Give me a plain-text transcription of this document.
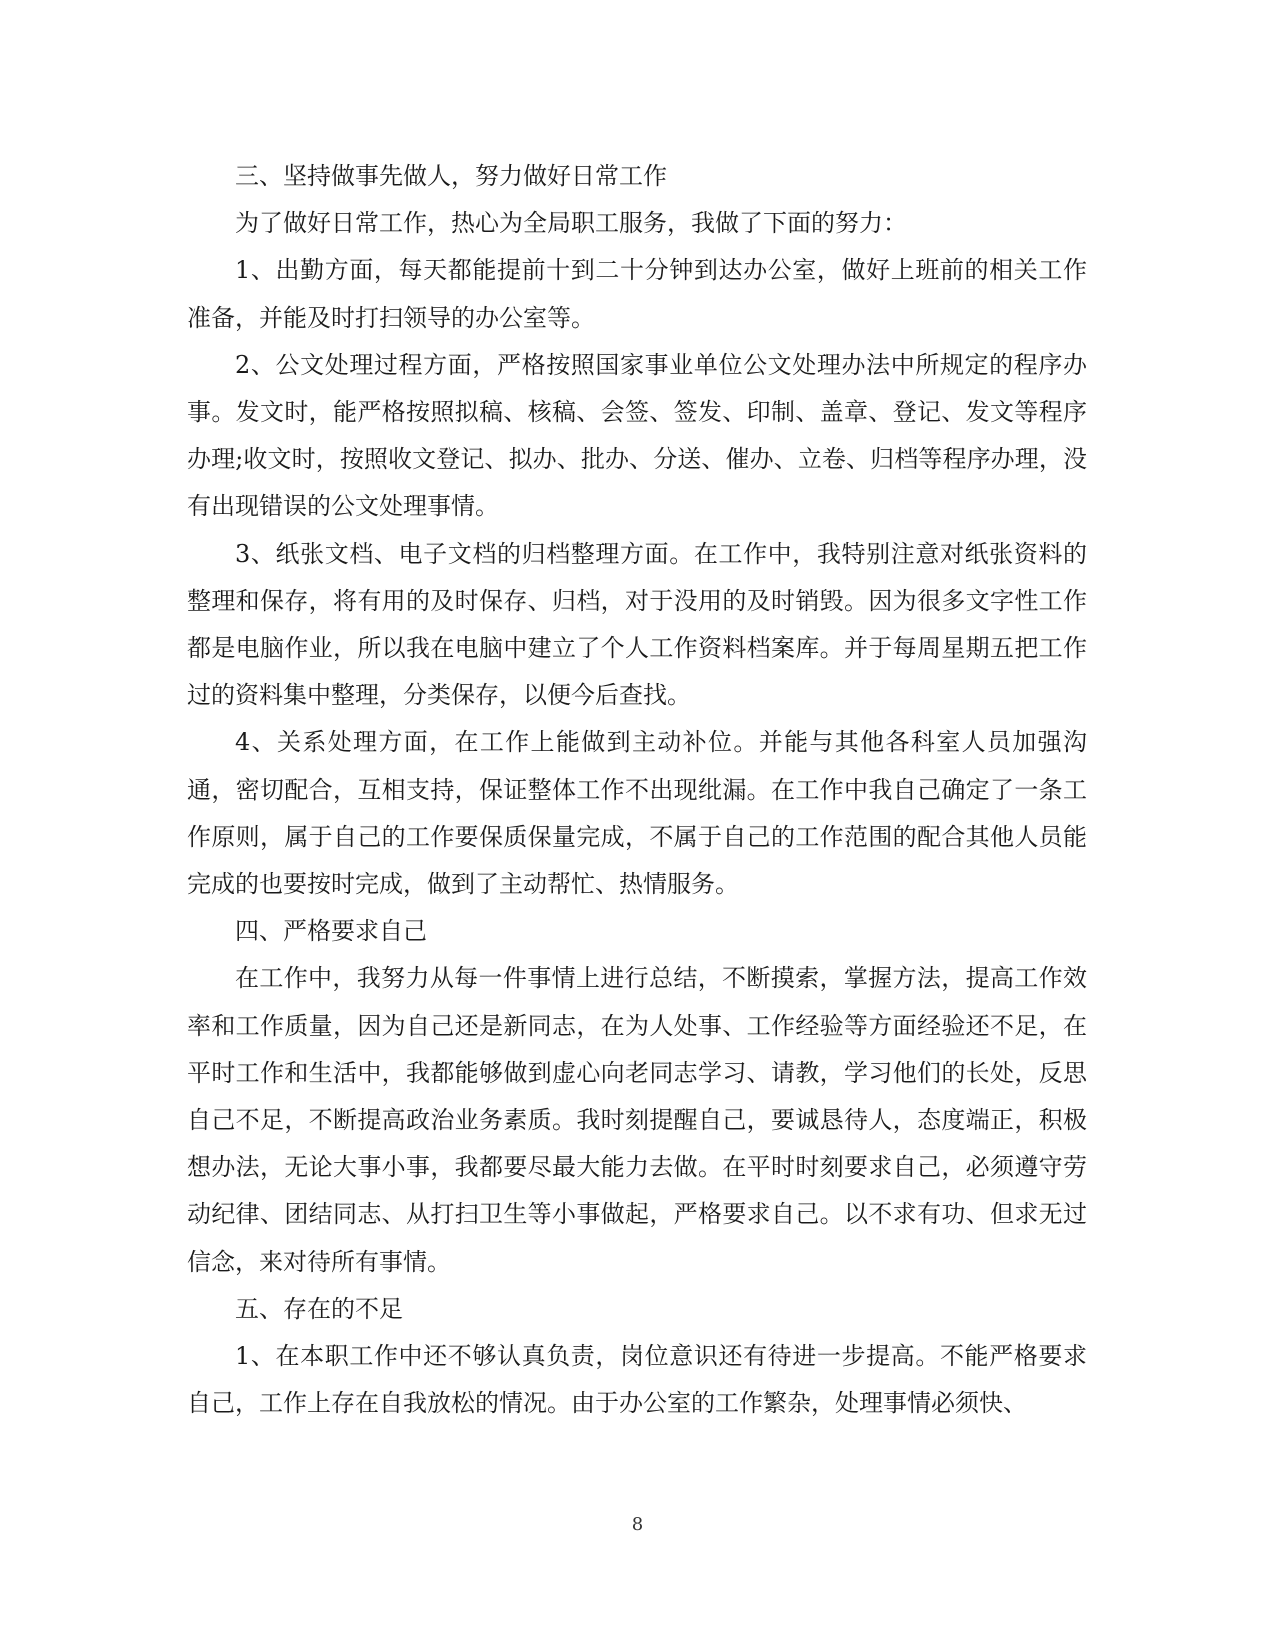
三、坚持做事先做人，努力做好日常工作

为了做好日常工作，热心为全局职工服务，我做了下面的努力：

1、出勤方面，每天都能提前十到二十分钟到达办公室，做好上班前的相关工作准备，并能及时打扫领导的办公室等。

2、公文处理过程方面，严格按照国家事业单位公文处理办法中所规定的程序办事。发文时，能严格按照拟稿、核稿、会签、签发、印制、盖章、登记、发文等程序办理;收文时，按照收文登记、拟办、批办、分送、催办、立卷、归档等程序办理，没有出现错误的公文处理事情。

3、纸张文档、电子文档的归档整理方面。在工作中，我特别注意对纸张资料的整理和保存，将有用的及时保存、归档，对于没用的及时销毁。因为很多文字性工作都是电脑作业，所以我在电脑中建立了个人工作资料档案库。并于每周星期五把工作过的资料集中整理，分类保存，以便今后查找。

4、关系处理方面，在工作上能做到主动补位。并能与其他各科室人员加强沟通，密切配合，互相支持，保证整体工作不出现纰漏。在工作中我自己确定了一条工作原则，属于自己的工作要保质保量完成，不属于自己的工作范围的配合其他人员能完成的也要按时完成，做到了主动帮忙、热情服务。

四、严格要求自己

在工作中，我努力从每一件事情上进行总结，不断摸索，掌握方法，提高工作效率和工作质量，因为自己还是新同志，在为人处事、工作经验等方面经验还不足，在平时工作和生活中，我都能够做到虚心向老同志学习、请教，学习他们的长处，反思自己不足，不断提高政治业务素质。我时刻提醒自己，要诚恳待人，态度端正，积极想办法，无论大事小事，我都要尽最大能力去做。在平时时刻要求自己，必须遵守劳动纪律、团结同志、从打扫卫生等小事做起，严格要求自己。以不求有功、但求无过信念，来对待所有事情。

五、存在的不足

1、在本职工作中还不够认真负责，岗位意识还有待进一步提高。不能严格要求自己，工作上存在自我放松的情况。由于办公室的工作繁杂，处理事情必须快、

8
